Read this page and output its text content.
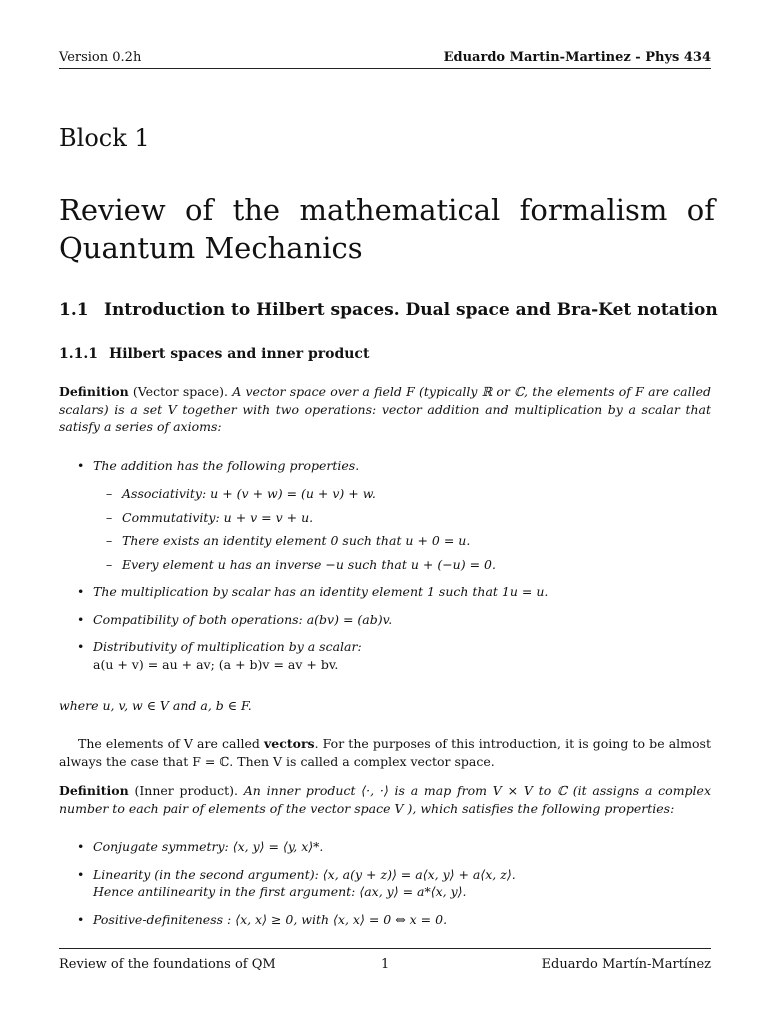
Version 0.2h	Eduardo Martin-Martinez - Phys 434
Block 1
Review of the mathematical formalism of Quantum Mechanics
1.1 Introduction to Hilbert spaces. Dual space and Bra-Ket notation
1.1.1 Hilbert spaces and inner product
Definition (Vector space). A vector space over a field F (typically ℝ or ℂ, the elements of F are called scalars) is a set V together with two operations: vector addition and multiplication by a scalar that satisfy a series of axioms:
• The addition has the following properties.
– Associativity: u + (v + w) = (u + v) + w.
– Commutativity: u + v = v + u.
– There exists an identity element 0 such that u + 0 = u.
– Every element u has an inverse −u such that u + (−u) = 0.
• The multiplication by scalar has an identity element 1 such that 1u = u.
• Compatibility of both operations: a(bv) = (ab)v.
• Distributivity of multiplication by a scalar:
a(u + v) = au + av; (a + b)v = av + bv.
where u, v, w ∈ V and a, b ∈ F.
The elements of V are called vectors. For the purposes of this introduction, it is going to be almost always the case that F = ℂ. Then V is called a complex vector space.
Definition (Inner product). An inner product ⟨·, ·⟩ is a map from V × V to ℂ (it assigns a complex number to each pair of elements of the vector space V ), which satisfies the following properties:
• Conjugate symmetry: ⟨x, y⟩ = ⟨y, x⟩*.
• Linearity (in the second argument): ⟨x, a(y + z)⟩ = a⟨x, y⟩ + a⟨x, z⟩.
Hence antilinearity in the first argument: ⟨ax, y⟩ = a*⟨x, y⟩.
• Positive-definiteness : ⟨x, x⟩ ≥ 0, with ⟨x, x⟩ = 0 ⇔ x = 0.
Review of the foundations of QM	1	Eduardo Martín-Martínez
